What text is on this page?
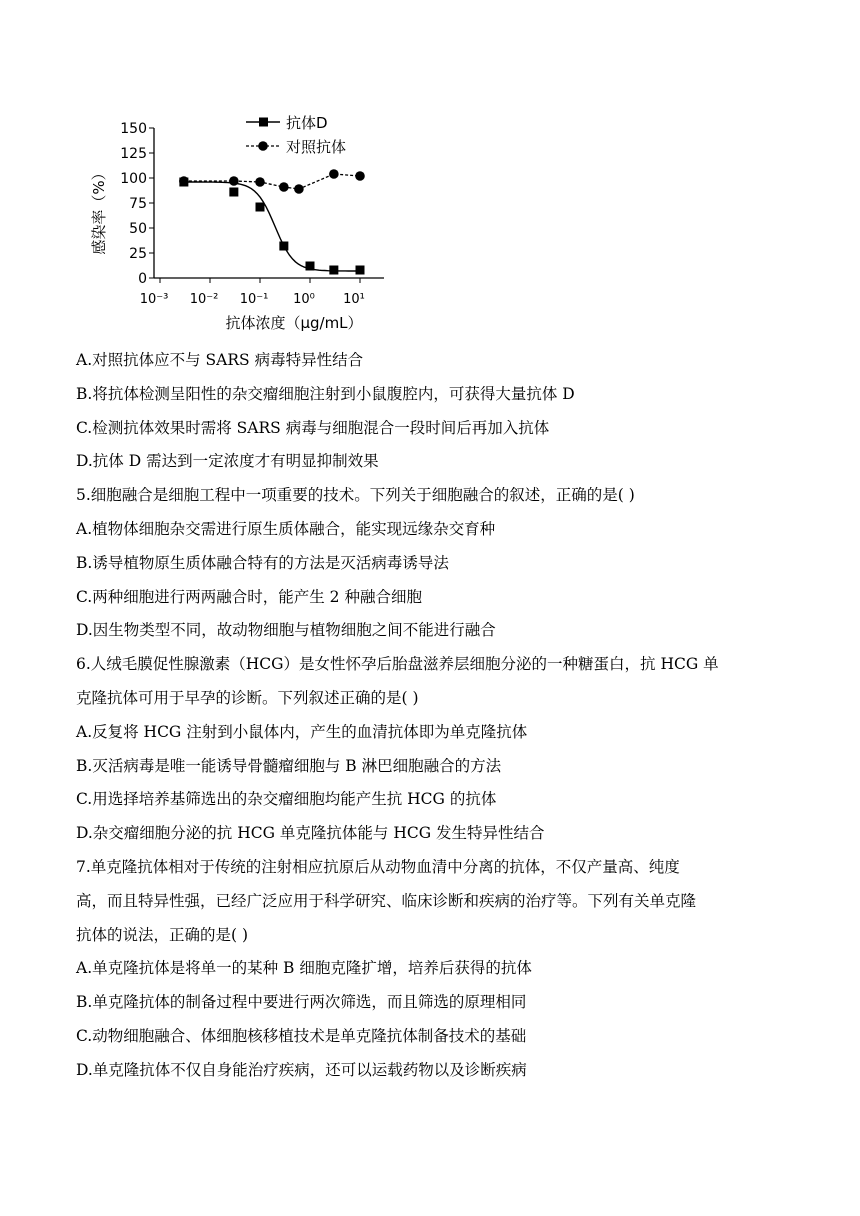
0
25
50
75
100
125
150
10⁻³ 10⁻² 10⁻¹ 10⁰ 10¹
抗体D
对照抗体
感染率（%）
抗体浓度（μg/mL）
A.对照抗体应不与 SARS 病毒特异性结合
B.将抗体检测呈阳性的杂交瘤细胞注射到小鼠腹腔内，可获得大量抗体 D
C.检测抗体效果时需将 SARS 病毒与细胞混合一段时间后再加入抗体
D.抗体 D 需达到一定浓度才有明显抑制效果
5.细胞融合是细胞工程中一项重要的技术。下列关于细胞融合的叙述，正确的是( )
A.植物体细胞杂交需进行原生质体融合，能实现远缘杂交育种
B.诱导植物原生质体融合特有的方法是灭活病毒诱导法
C.两种细胞进行两两融合时，能产生 2 种融合细胞
D.因生物类型不同，故动物细胞与植物细胞之间不能进行融合
6.人绒毛膜促性腺激素（HCG）是女性怀孕后胎盘滋养层细胞分泌的一种糖蛋白，抗 HCG 单
克隆抗体可用于早孕的诊断。下列叙述正确的是( )
A.反复将 HCG 注射到小鼠体内，产生的血清抗体即为单克隆抗体
B.灭活病毒是唯一能诱导骨髓瘤细胞与 B 淋巴细胞融合的方法
C.用选择培养基筛选出的杂交瘤细胞均能产生抗 HCG 的抗体
D.杂交瘤细胞分泌的抗 HCG 单克隆抗体能与 HCG 发生特异性结合
7.单克隆抗体相对于传统的注射相应抗原后从动物血清中分离的抗体，不仅产量高、纯度
高，而且特异性强，已经广泛应用于科学研究、临床诊断和疾病的治疗等。下列有关单克隆
抗体的说法，正确的是( )
A.单克隆抗体是将单一的某种 B 细胞克隆扩增，培养后获得的抗体
B.单克隆抗体的制备过程中要进行两次筛选，而且筛选的原理相同
C.动物细胞融合、体细胞核移植技术是单克隆抗体制备技术的基础
D.单克隆抗体不仅自身能治疗疾病，还可以运载药物以及诊断疾病
